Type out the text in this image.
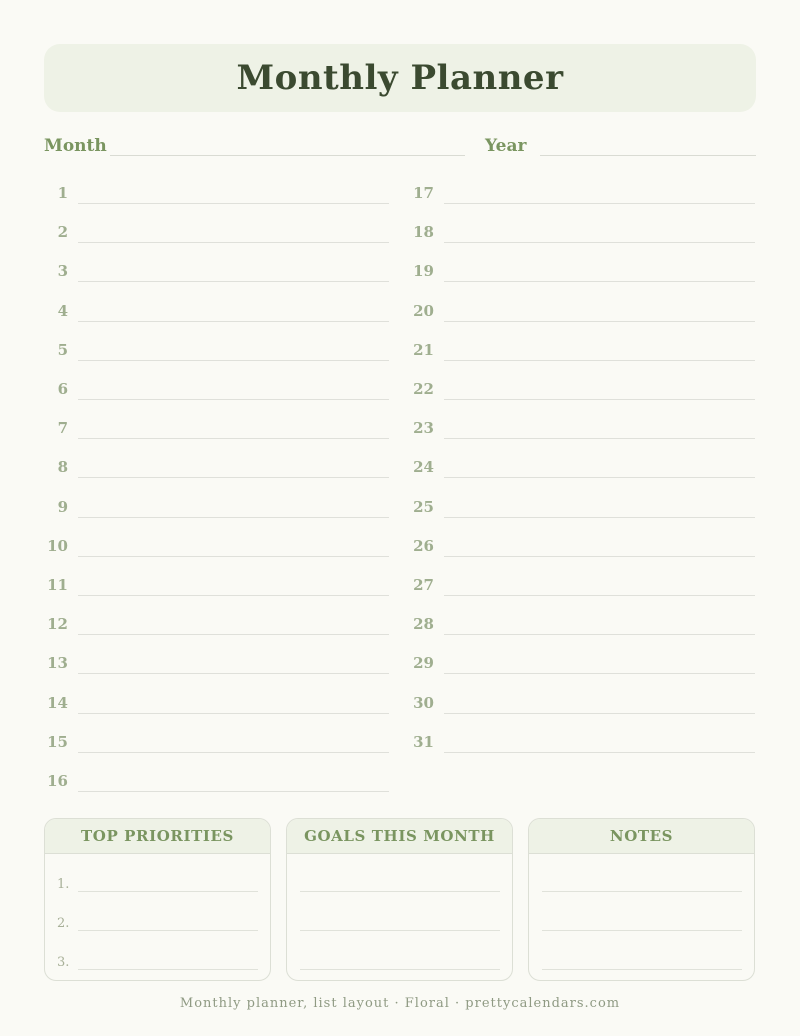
Monthly Planner
Month	Year
1
2
3
4
5
6
7
8
9
10
11
12
13
14
15
16
17
18
19
20
21
22
23
24
25
26
27
28
29
30
31
TOP PRIORITIES
1.
2.
3.
GOALS THIS MONTH	NOTES
Monthly planner, list layout · Floral · prettycalendars.com
